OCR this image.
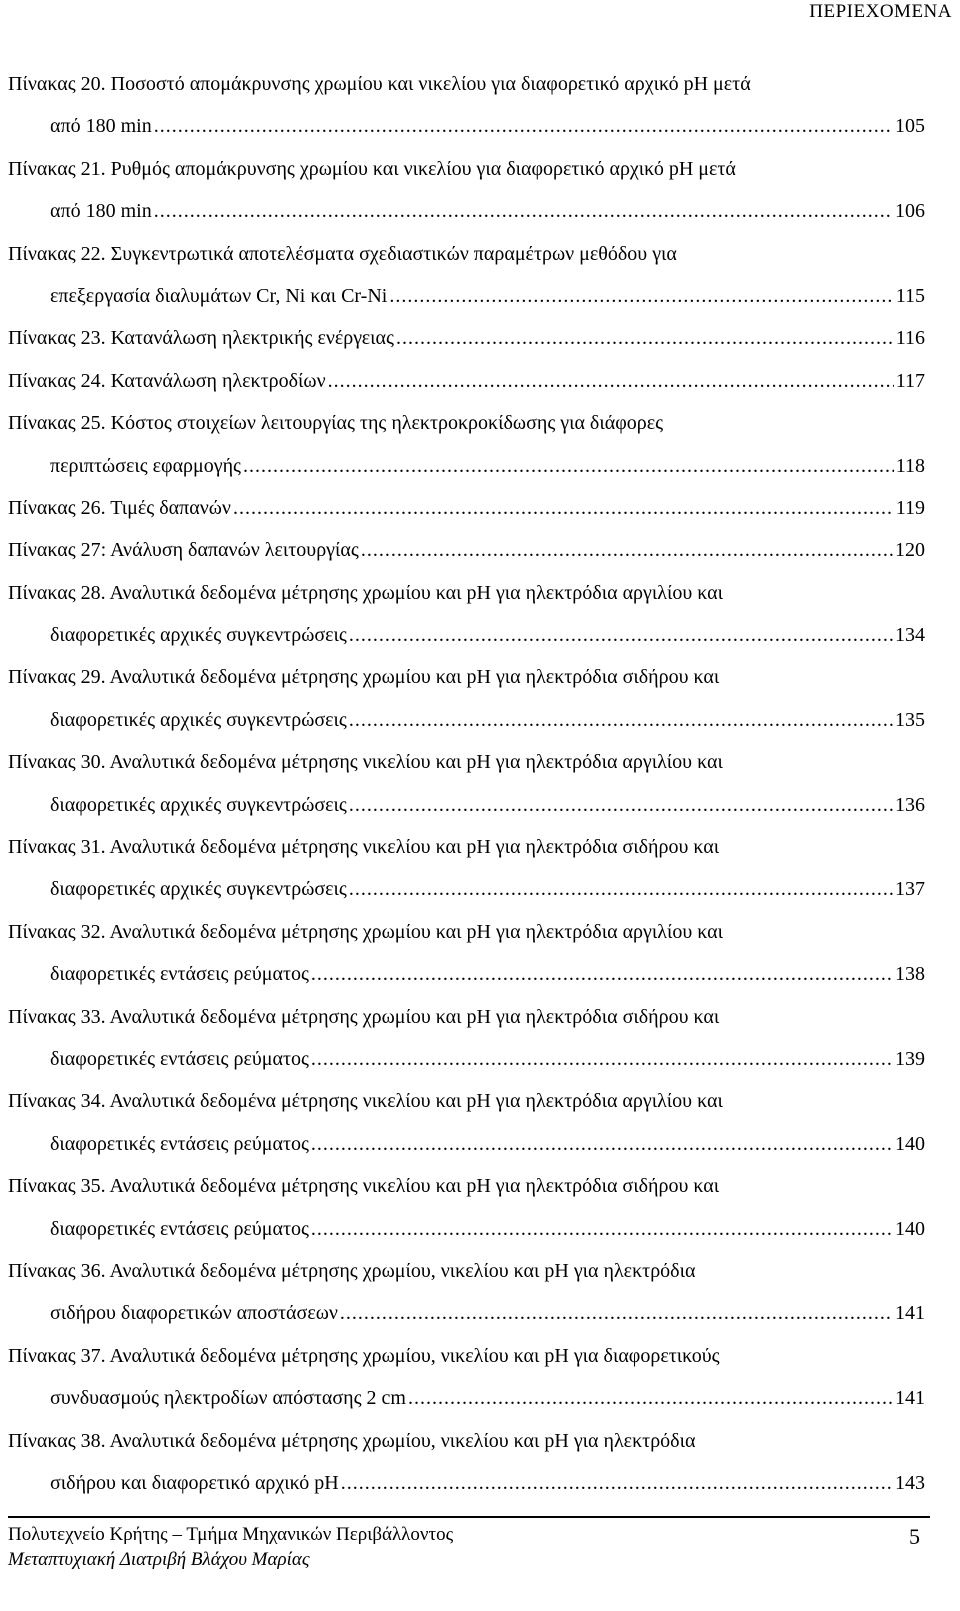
ΠΕΡΙΕΧΟΜΕΝΑ
Πίνακας 20. Ποσοστό απομάκρυνσης χρωμίου και νικελίου για διαφορετικό αρχικό pH μετά
από 180 min .....	105
Πίνακας 21. Ρυθμός απομάκρυνσης χρωμίου και νικελίου για διαφορετικό αρχικό pH μετά
από 180 min .....	106
Πίνακας 22. Συγκεντρωτικά αποτελέσματα σχεδιαστικών παραμέτρων μεθόδου για
επεξεργασία διαλυμάτων Cr, Ni και Cr-Ni .....	115
Πίνακας 23. Κατανάλωση ηλεκτρικής ενέργειας .....	116
Πίνακας 24. Κατανάλωση ηλεκτροδίων .....	117
Πίνακας 25. Κόστος στοιχείων λειτουργίας της ηλεκτροκροκίδωσης για διάφορες
περιπτώσεις εφαρμογής .....	118
Πίνακας 26. Τιμές δαπανών .....	119
Πίνακας 27: Ανάλυση δαπανών λειτουργίας .....	120
Πίνακας 28. Αναλυτικά δεδομένα μέτρησης χρωμίου και pH για ηλεκτρόδια αργιλίου και
διαφορετικές αρχικές συγκεντρώσεις .....	134
Πίνακας 29. Αναλυτικά δεδομένα μέτρησης χρωμίου και pH για ηλεκτρόδια σιδήρου και
διαφορετικές αρχικές συγκεντρώσεις .....	135
Πίνακας 30. Αναλυτικά δεδομένα μέτρησης νικελίου και pH για ηλεκτρόδια αργιλίου και
διαφορετικές αρχικές συγκεντρώσεις .....	136
Πίνακας 31. Αναλυτικά δεδομένα μέτρησης νικελίου και pH για ηλεκτρόδια σιδήρου και
διαφορετικές αρχικές συγκεντρώσεις .....	137
Πίνακας 32. Αναλυτικά δεδομένα μέτρησης χρωμίου και pH για ηλεκτρόδια αργιλίου και
διαφορετικές εντάσεις ρεύματος .....	138
Πίνακας 33. Αναλυτικά δεδομένα μέτρησης χρωμίου και pH για ηλεκτρόδια σιδήρου και
διαφορετικές εντάσεις ρεύματος .....	139
Πίνακας 34. Αναλυτικά δεδομένα μέτρησης νικελίου και pH για ηλεκτρόδια αργιλίου και
διαφορετικές εντάσεις ρεύματος .....	140
Πίνακας 35. Αναλυτικά δεδομένα μέτρησης νικελίου και pH για ηλεκτρόδια σιδήρου και
διαφορετικές εντάσεις ρεύματος .....	140
Πίνακας 36. Αναλυτικά δεδομένα μέτρησης χρωμίου, νικελίου και pH για ηλεκτρόδια
σιδήρου διαφορετικών αποστάσεων .....	141
Πίνακας 37. Αναλυτικά δεδομένα μέτρησης χρωμίου, νικελίου και pH για διαφορετικούς
συνδυασμούς ηλεκτροδίων απόστασης 2 cm .....	141
Πίνακας 38. Αναλυτικά δεδομένα μέτρησης χρωμίου, νικελίου και pH για ηλεκτρόδια
σιδήρου και διαφορετικό αρχικό pH .....	143
Πολυτεχνείο Κρήτης – Τμήμα Μηχανικών Περιβάλλοντος
Μεταπτυχιακή Διατριβή Βλάχου Μαρίας
5
